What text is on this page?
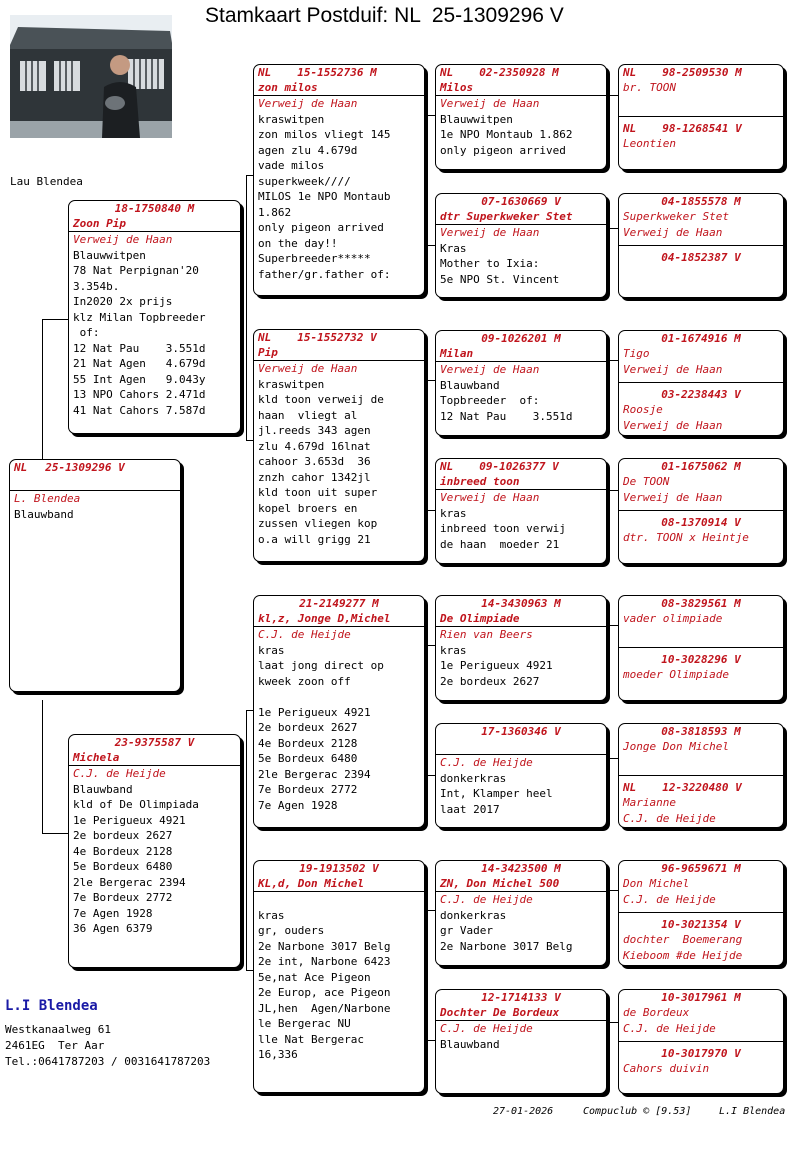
Stamkaart Postduif: NL  25-1309296 V
Lau Blendea
NL	25-1309296 V
L. Blendea
Blauwband
18-1750840 M
Zoon Pip
Verweij de Haan
Blauwwitpen
78 Nat Perpignan'20
3.354b.
In2020 2x prijs
klz Milan Topbreeder
of:
12 Nat Pau    3.551d
21 Nat Agen   4.679d
55 Int Agen   9.043y
13 NPO Cahors 2.471d
41 Nat Cahors 7.587d
23-9375587 V
Michela
C.J. de Heijde
Blauwband
kld of De Olimpiada
1e Perigueux 4921
2e bordeux 2627
4e Bordeux 2128
5e Bordeux 6480
2le Bergerac 2394
7e Bordeux 2772
7e Agen 1928
36 Agen 6379
NL	15-1552736 M
zon milos
Verweij de Haan
kraswitpen
zon milos vliegt 145
agen zlu 4.679d
vade milos
superkweek////
MILOS 1e NPO Montaub
1.862
only pigeon arrived
on the day!!
Superbreeder*****
father/gr.father of:
NL	15-1552732 V
Pip
Verweij de Haan
kraswitpen
kld toon verweij de
haan  vliegt al
jl.reeds 343 agen
zlu 4.679d 16lnat
cahoor 3.653d  36
znzh cahor 1342jl
kld toon uit super
kopel broers en
zussen vliegen kop
o.a will grigg 21
21-2149277 M
kl,z, Jonge D,Michel
C.J. de Heijde
kras
laat jong direct op
kweek zoon off
1e Perigueux 4921
2e bordeux 2627
4e Bordeux 2128
5e Bordeux 6480
2le Bergerac 2394
7e Bordeux 2772
7e Agen 1928
19-1913502 V
KL,d, Don Michel
kras
gr, ouders
2e Narbone 3017 Belg
2e int, Narbone 6423
5e,nat Ace Pigeon
2e Europ, ace Pigeon
JL,hen  Agen/Narbone
le Bergerac NU
lle Nat Bergerac
16,336
NL	02-2350928 M
Milos
Verweij de Haan
Blauwwitpen
1e NPO Montaub 1.862
only pigeon arrived
07-1630669 V
dtr Superkweker Stet
Verweij de Haan
Kras
Mother to Ixia:
5e NPO St. Vincent
09-1026201 M
Milan
Verweij de Haan
Blauwband
Topbreeder  of:
12 Nat Pau    3.551d
NL	09-1026377 V
inbreed toon
Verweij de Haan
kras
inbreed toon verwij
de haan  moeder 21
14-3430963 M
De Olimpiade
Rien van Beers
kras
1e Perigueux 4921
2e bordeux 2627
17-1360346 V
C.J. de Heijde
donkerkras
Int, Klamper heel
laat 2017
14-3423500 M
ZN, Don Michel 500
C.J. de Heijde
donkerkras
gr Vader
2e Narbone 3017 Belg
12-1714133 V
Dochter De Bordeux
C.J. de Heijde
Blauwband
NL	98-2509530 M
br. TOON
NL	98-1268541 V
Leontien
04-1855578 M
Superkweker Stet
Verweij de Haan
04-1852387 V
01-1674916 M
Tigo
Verweij de Haan
03-2238443 V
Roosje
Verweij de Haan
01-1675062 M
De TOON
Verweij de Haan
08-1370914 V
dtr. TOON x Heintje
08-3829561 M
vader olimpiade
10-3028296 V
moeder Olimpiade
08-3818593 M
Jonge Don Michel
NL	12-3220480 V
Marianne
C.J. de Heijde
96-9659671 M
Don Michel
C.J. de Heijde
10-3021354 V
dochter  Boemerang
Kieboom #de Heijde
10-3017961 M
de Bordeux
C.J. de Heijde
10-3017970 V
Cahors duivin
L.I Blendea
Westkanaalweg 61
2461EG  Ter Aar
Tel.:0641787203 / 0031641787203
27-01-2026	Compuclub © [9.53]	L.I Blendea
